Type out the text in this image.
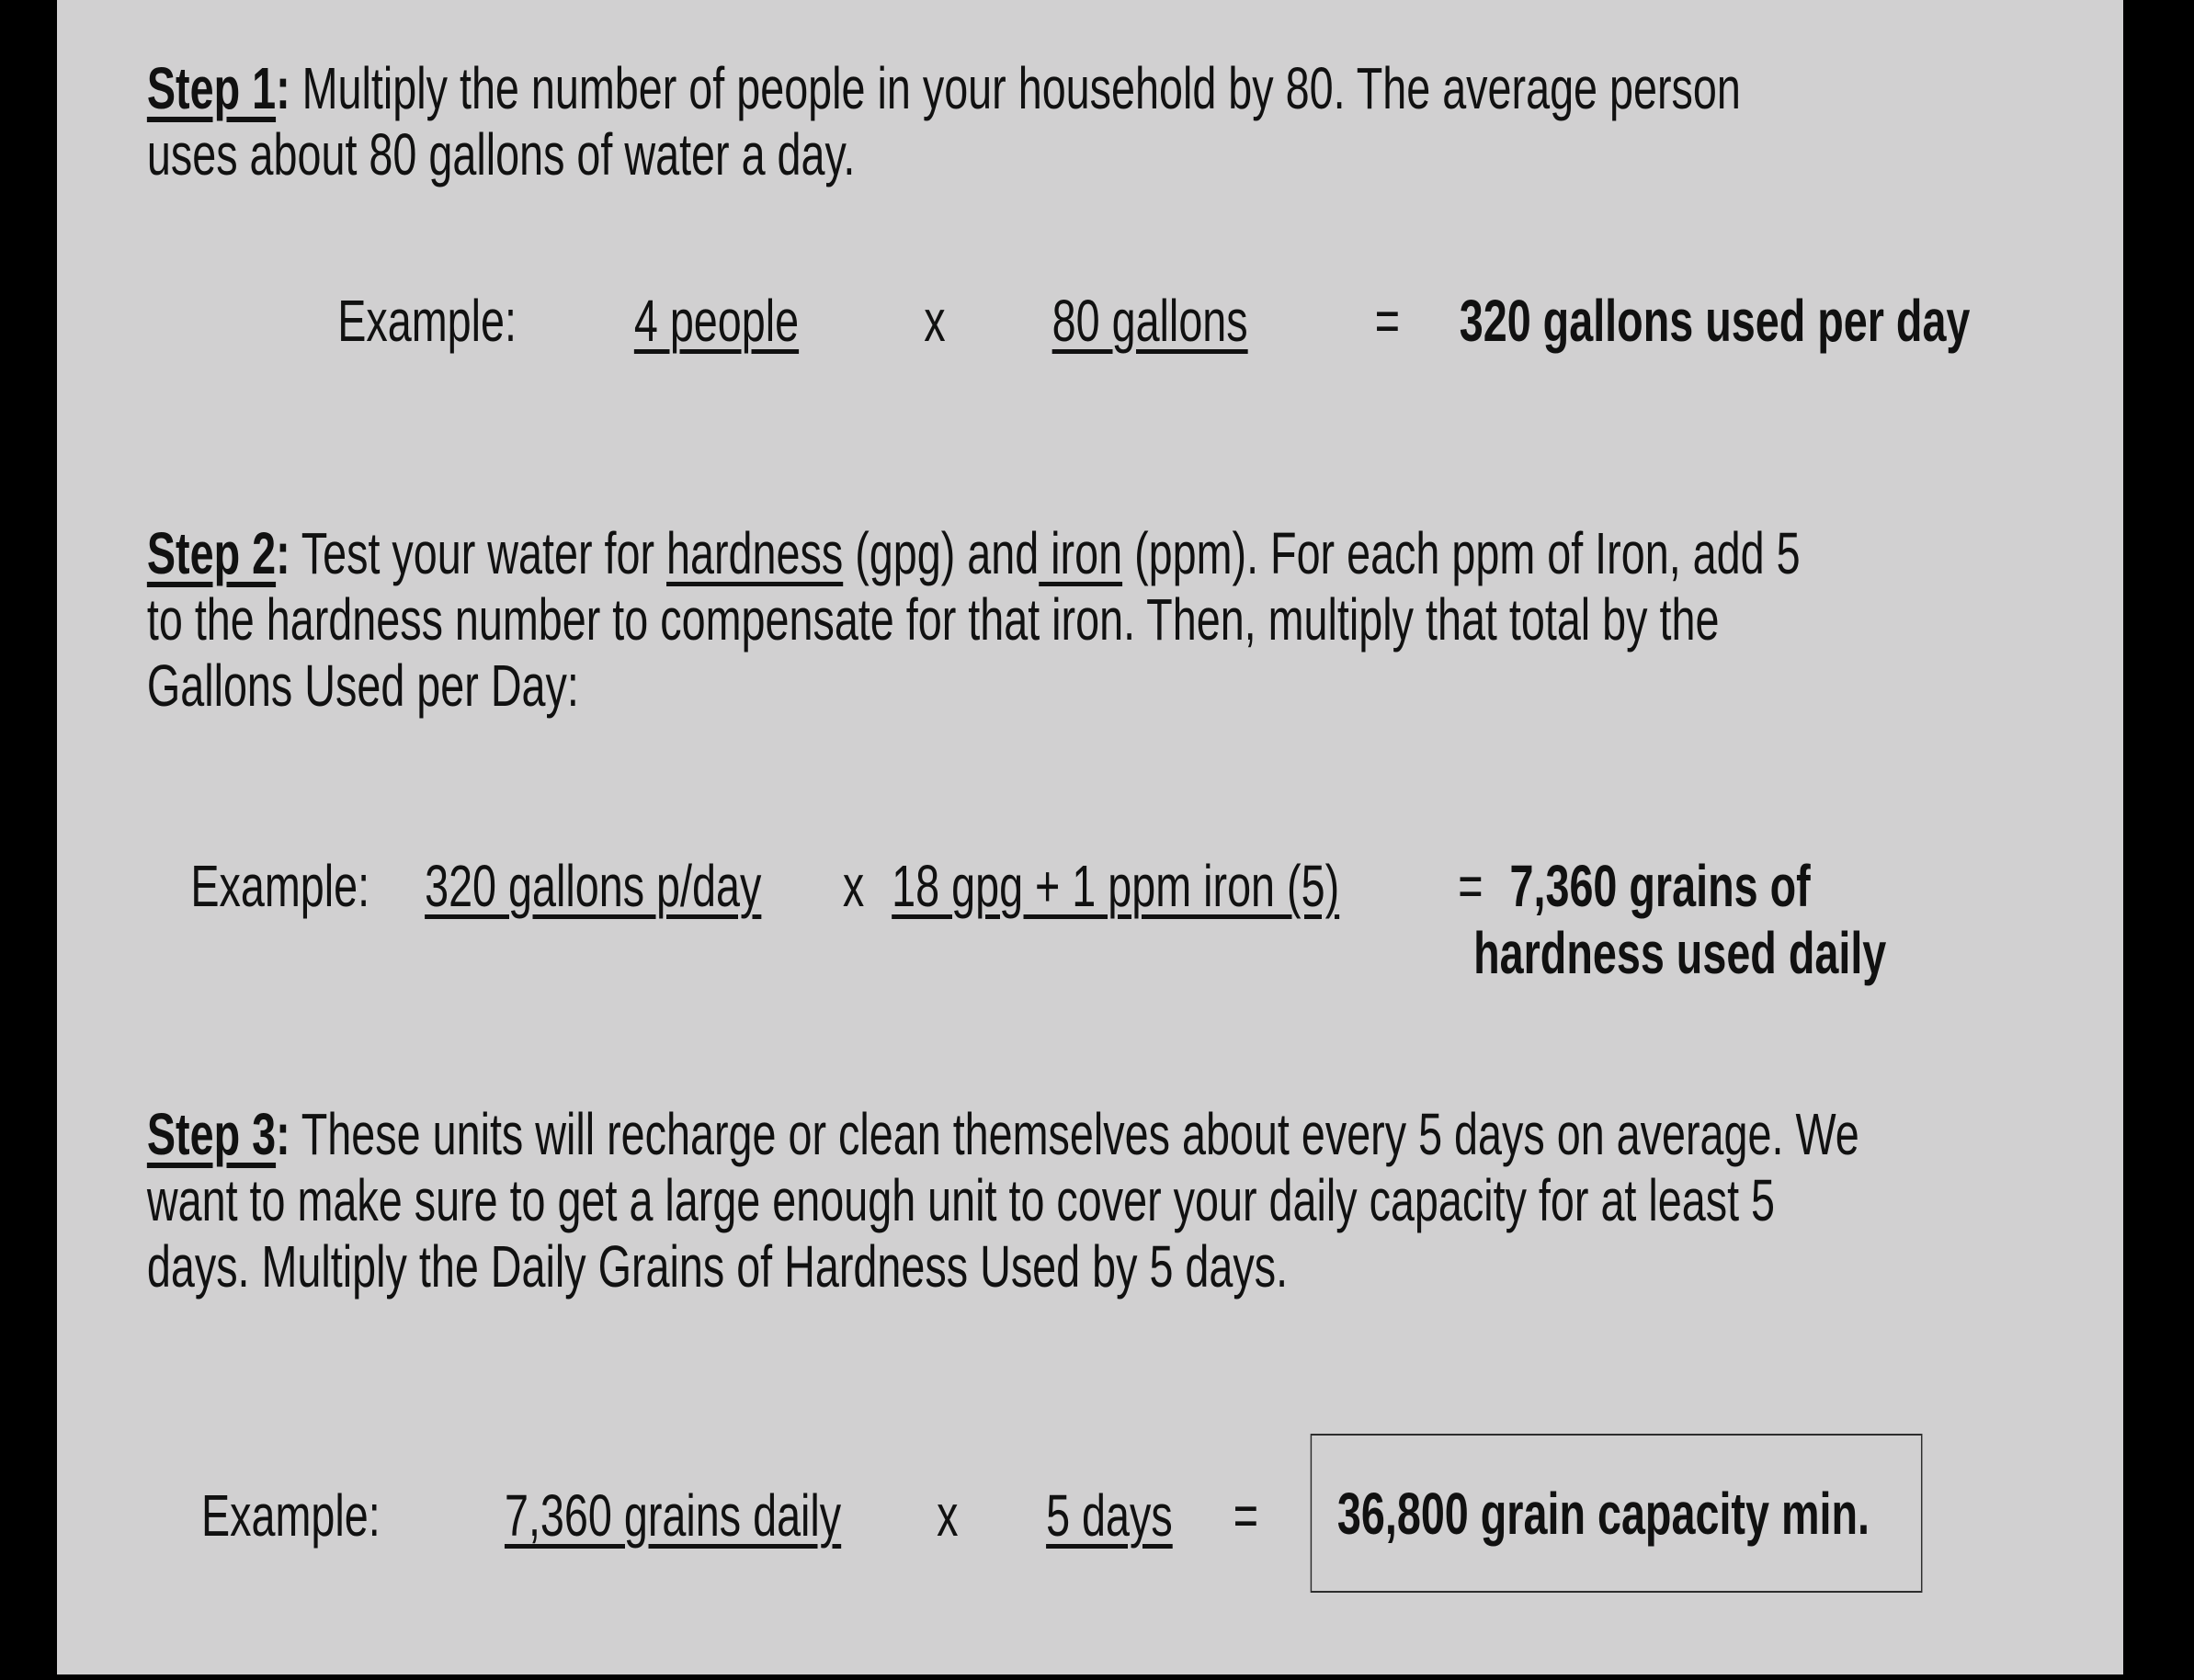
Step 1: Multiply the number of people in your household by 80. The average person
uses about 80 gallons of water a day.
Example: 4 people x 80 gallons = 320 gallons used per day
Step 2: Test your water for hardness (gpg) and iron (ppm). For each ppm of Iron, add 5
to the hardness number to compensate for that iron. Then, multiply that total by the
Gallons Used per Day:
Example: 320 gallons p/day x 18 gpg + 1 ppm iron (5) = 7,360 grains of
hardness used daily
Step 3: These units will recharge or clean themselves about every 5 days on average. We
want to make sure to get a large enough unit to cover your daily capacity for at least 5
days. Multiply the Daily Grains of Hardness Used by 5 days.
Example: 7,360 grains daily x 5 days = 36,800 grain capacity min.
